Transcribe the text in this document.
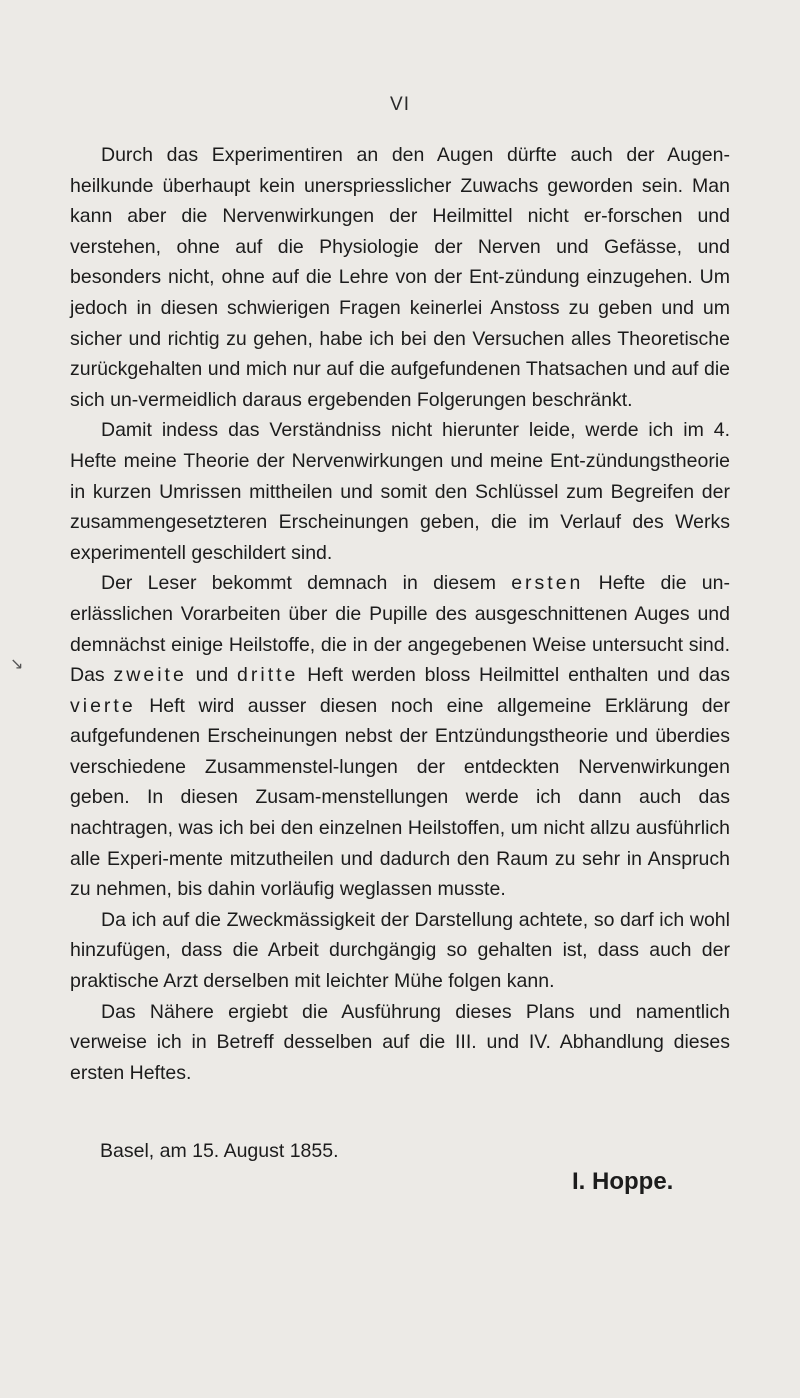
VI

Durch das Experimentiren an den Augen dürfte auch der Augen-heilkunde überhaupt kein unerspriesslicher Zuwachs geworden sein. Man kann aber die Nervenwirkungen der Heilmittel nicht er-forschen und verstehen, ohne auf die Physiologie der Nerven und Gefässe, und besonders nicht, ohne auf die Lehre von der Ent-zündung einzugehen. Um jedoch in diesen schwierigen Fragen keinerlei Anstoss zu geben und um sicher und richtig zu gehen, habe ich bei den Versuchen alles Theoretische zurückgehalten und mich nur auf die aufgefundenen Thatsachen und auf die sich un-vermeidlich daraus ergebenden Folgerungen beschränkt.

Damit indess das Verständniss nicht hierunter leide, werde ich im 4. Hefte meine Theorie der Nervenwirkungen und meine Ent-zündungstheorie in kurzen Umrissen mittheilen und somit den Schlüssel zum Begreifen der zusammengesetzteren Erscheinungen geben, die im Verlauf des Werks experimentell geschildert sind.

Der Leser bekommt demnach in diesem ersten Hefte die un-erlässlichen Vorarbeiten über die Pupille des ausgeschnittenen Auges und demnächst einige Heilstoffe, die in der angegebenen Weise untersucht sind. Das zweite und dritte Heft werden bloss Heilmittel enthalten und das vierte Heft wird ausser diesen noch eine allgemeine Erklärung der aufgefundenen Erscheinungen nebst der Entzündungstheorie und überdies verschiedene Zusammenstel-lungen der entdeckten Nervenwirkungen geben. In diesen Zusam-menstellungen werde ich dann auch das nachtragen, was ich bei den einzelnen Heilstoffen, um nicht allzu ausführlich alle Experi-mente mitzutheilen und dadurch den Raum zu sehr in Anspruch zu nehmen, bis dahin vorläufig weglassen musste.

Da ich auf die Zweckmässigkeit der Darstellung achtete, so darf ich wohl hinzufügen, dass die Arbeit durchgängig so gehalten ist, dass auch der praktische Arzt derselben mit leichter Mühe folgen kann.

Das Nähere ergiebt die Ausführung dieses Plans und namentlich verweise ich in Betreff desselben auf die III. und IV. Abhandlung dieses ersten Heftes.

Basel, am 15. August 1855.
I. Hoppe.
↘
